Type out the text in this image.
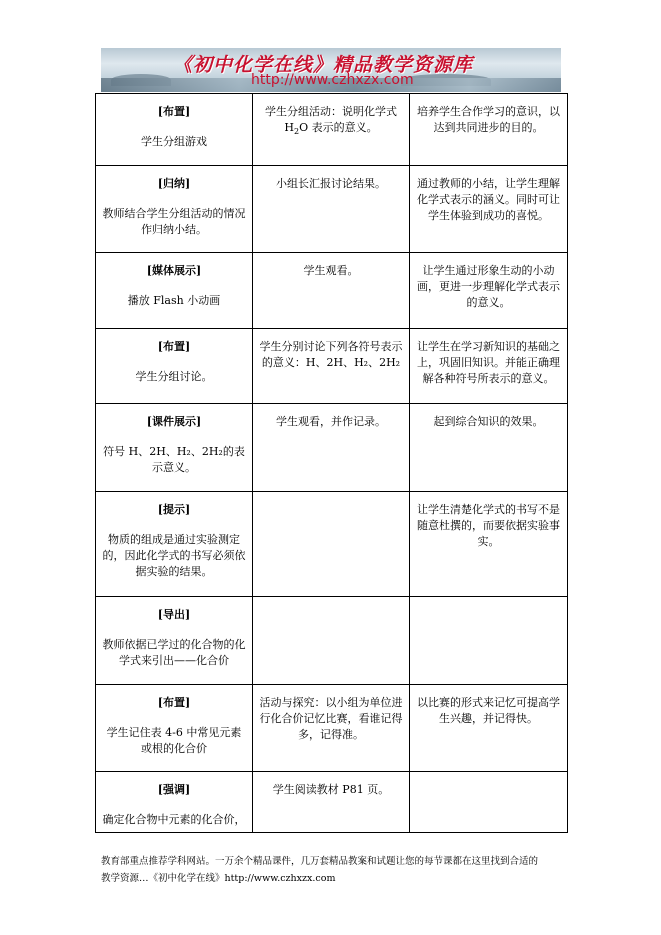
《初中化学在线》精品教学资源库
http://www.czhxzx.com
[布置]
学生分组游戏	学生分组活动：说明化学式$H_2O$ 表示的意义。	培养学生合作学习的意识，以达到共同进步的目的。

[归纳]
教师结合学生分组活动的情况作归纳小结。	小组长汇报讨论结果。	通过教师的小结，让学生理解化学式表示的涵义。同时可让学生体验到成功的喜悦。

[媒体展示]
播放 Flash 小动画	学生观看。	让学生通过形象生动的小动画，更进一步理解化学式表示的意义。

[布置]
学生分组讨论。	学生分别讨论下列各符号表示的意义：H、2H、H₂、2H₂	让学生在学习新知识的基础之上，巩固旧知识。并能正确理解各种符号所表示的意义。

[课件展示]
符号 H、2H、H₂、2H₂的表示意义。	学生观看，并作记录。	起到综合知识的效果。

[提示]
物质的组成是通过实验测定的，因此化学式的书写必须依据实验的结果。		让学生清楚化学式的书写不是随意杜撰的，而要依据实验事实。

[导出]
教师依据已学过的化合物的化学式来引出——化合价		

[布置]
学生记住表 4-6 中常见元素或根的化合价	活动与探究：以小组为单位进行化合价记忆比赛，看谁记得多，记得准。	以比赛的形式来记忆可提高学生兴趣，并记得快。

[强调]
确定化合物中元素的化合价，	学生阅读教材 P81 页。	
教育部重点推荐学科网站。一万余个精品课件，几万套精品教案和试题让您的每节课都在这里找到合适的
教学资源…《初中化学在线》http://www.czhxzx.com
